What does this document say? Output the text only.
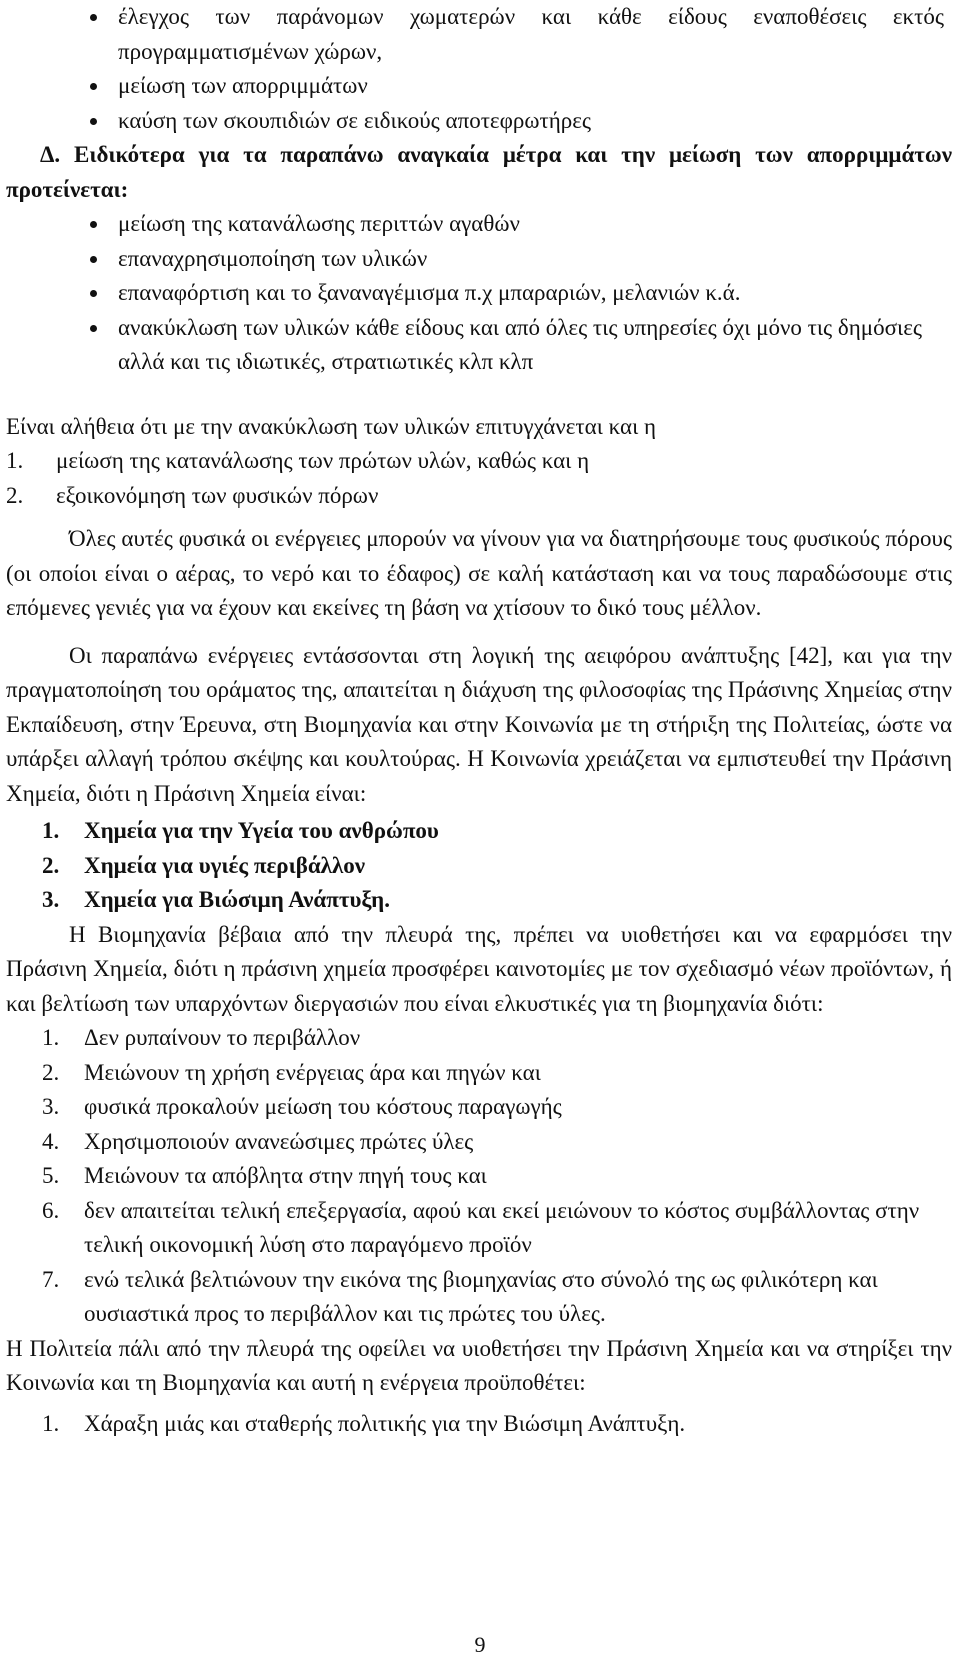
έλεγχος των παράνομων χωματερών και κάθε είδους εναποθέσεις εκτός προγραμματισμένων χώρων,
μείωση των απορριμμάτων
καύση των σκουπιδιών σε ειδικούς αποτεφρωτήρες

Δ. Ειδικότερα για τα παραπάνω αναγκαία μέτρα και την μείωση των απορριμμάτων προτείνεται:

μείωση της κατανάλωσης περιττών αγαθών
επαναχρησιμοποίηση των υλικών
επαναφόρτιση και το ξαναναγέμισμα π.χ μπαραριών, μελανιών κ.ά.
ανακύκλωση των υλικών κάθε είδους και από όλες τις υπηρεσίες όχι μόνο τις δημόσιες αλλά και τις ιδιωτικές, στρατιωτικές κλπ κλπ

Είναι αλήθεια ότι με την ανακύκλωση των υλικών επιτυγχάνεται και η

1. μείωση της κατανάλωσης των πρώτων υλών, καθώς και η
2. εξοικονόμηση των φυσικών πόρων

Όλες αυτές φυσικά οι ενέργειες μπορούν να γίνουν για να διατηρήσουμε τους φυσικούς πόρους (οι οποίοι είναι ο αέρας, το νερό και το έδαφος) σε καλή κατάσταση και να τους παραδώσουμε στις επόμενες γενιές για να έχουν και εκείνες τη βάση να χτίσουν το δικό τους μέλλον.

Οι παραπάνω ενέργειες εντάσσονται στη λογική της αειφόρου ανάπτυξης [42], και για την πραγματοποίηση του οράματος της, απαιτείται η διάχυση της φιλοσοφίας της Πράσινης Χημείας στην Εκπαίδευση, στην Έρευνα, στη Βιομηχανία και στην Κοινωνία με τη στήριξη της Πολιτείας, ώστε να υπάρξει αλλαγή τρόπου σκέψης και κουλτούρας. Η Κοινωνία χρειάζεται να εμπιστευθεί την Πράσινη Χημεία, διότι η Πράσινη Χημεία είναι:

1. Χημεία για την Υγεία του ανθρώπου
2. Χημεία για υγιές περιβάλλον
3. Χημεία για Βιώσιμη Ανάπτυξη.

Η Βιομηχανία βέβαια από την πλευρά της, πρέπει να υιοθετήσει και να εφαρμόσει την Πράσινη Χημεία, διότι η πράσινη χημεία προσφέρει καινοτομίες με τον σχεδιασμό νέων προϊόντων, ή και βελτίωση των υπαρχόντων διεργασιών που είναι ελκυστικές για τη βιομηχανία διότι:

1. Δεν ρυπαίνουν το περιβάλλον
2. Μειώνουν τη χρήση ενέργειας άρα και πηγών και
3. φυσικά προκαλούν μείωση του κόστους παραγωγής
4. Χρησιμοποιούν ανανεώσιμες πρώτες ύλες
5. Μειώνουν τα απόβλητα στην πηγή τους και
6. δεν απαιτείται τελική επεξεργασία, αφού και εκεί μειώνουν το κόστος συμβάλλοντας στην τελική οικονομική λύση στο παραγόμενο προϊόν
7. ενώ τελικά βελτιώνουν την εικόνα της βιομηχανίας στο σύνολό της ως φιλικότερη και ουσιαστικά προς το περιβάλλον και τις πρώτες του ύλες.

Η Πολιτεία πάλι από την πλευρά της οφείλει να υιοθετήσει την Πράσινη Χημεία και να στηρίξει την Κοινωνία και τη Βιομηχανία και αυτή η ενέργεια προϋποθέτει:

1. Χάραξη μιάς και σταθερής πολιτικής για την Βιώσιμη Ανάπτυξη.
9
